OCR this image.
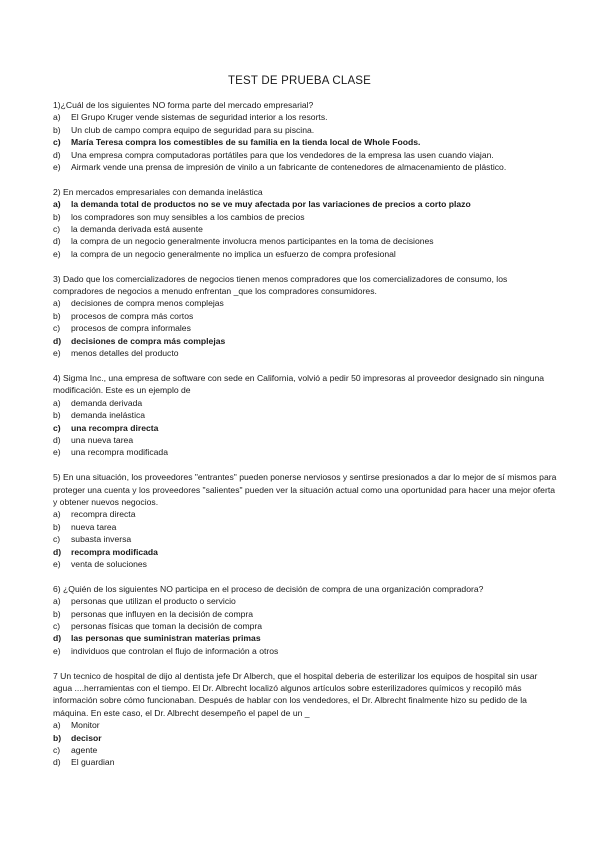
TEST DE PRUEBA CLASE

1)¿Cuál de los siguientes NO forma parte del mercado empresarial?

a) El Grupo Kruger vende sistemas de seguridad interior a los resorts.
b) Un club de campo compra equipo de seguridad para su piscina.
c) María Teresa compra los comestibles de su familia en la tienda local de Whole Foods.
d) Una empresa compra computadoras portátiles para que los vendedores de la empresa las usen cuando viajan.
e) Airmark vende una prensa de impresión de vinilo a un fabricante de contenedores de almacenamiento de plástico.

2) En mercados empresariales con demanda inelástica

a) la demanda total de productos no se ve muy afectada por las variaciones de precios a corto plazo
b) los compradores son muy sensibles a los cambios de precios
c) la demanda derivada está ausente
d) la compra de un negocio generalmente involucra menos participantes en la toma de decisiones
e) la compra de un negocio generalmente no implica un esfuerzo de compra profesional

3) Dado que los comercializadores de negocios tienen menos compradores que los comercializadores de consumo, los compradores de negocios a menudo enfrentan _que los compradores consumidores.

a) decisiones de compra menos complejas
b) procesos de compra más cortos
c) procesos de compra informales
d) decisiones de compra más complejas
e) menos detalles del producto

4) Sigma Inc., una empresa de software con sede en California, volvió a pedir 50 impresoras al proveedor designado sin ninguna modificación. Este es un ejemplo de

a) demanda derivada
b) demanda inelástica
c) una recompra directa
d) una nueva tarea
e) una recompra modificada

5) En una situación, los proveedores "entrantes" pueden ponerse nerviosos y sentirse presionados a dar lo mejor de sí mismos para proteger una cuenta y los proveedores "salientes" pueden ver la situación actual como una oportunidad para hacer una mejor oferta y obtener nuevos negocios.

a) recompra directa
b) nueva tarea
c) subasta inversa
d) recompra modificada
e) venta de soluciones

6) ¿Quién de los siguientes NO participa en el proceso de decisión de compra de una organización compradora?

a) personas que utilizan el producto o servicio
b) personas que influyen en la decisión de compra
c) personas físicas que toman la decisión de compra
d) las personas que suministran materias primas
e) individuos que controlan el flujo de información a otros

7 Un tecnico de hospital de dijo al dentista jefe Dr Alberch, que el hospital deberia de esterilizar los equipos de hospital sin usar agua ....herramientas con el tiempo. El Dr. Albrecht localizó algunos artículos sobre esterilizadores químicos y recopiló más información sobre cómo funcionaban. Después de hablar con los vendedores, el Dr. Albrecht finalmente hizo su pedido de la máquina. En este caso, el Dr. Albrecht desempeño el papel de un _

a) Monitor
b) decisor
c) agente
d) El guardian
